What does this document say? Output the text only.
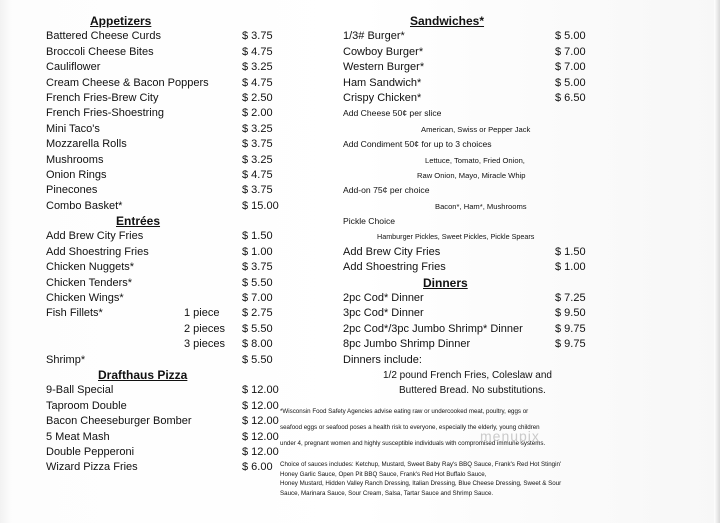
Appetizers
Battered Cheese Curds	$ 3.75
Broccoli Cheese Bites	$ 4.75
Cauliflower	$ 3.25
Cream Cheese & Bacon Poppers	$ 4.75
French Fries-Brew City	$ 2.50
French Fries-Shoestring	$ 2.00
Mini Taco's	$ 3.25
Mozzarella Rolls	$ 3.75
Mushrooms	$ 3.25
Onion Rings	$ 4.75
Pinecones	$ 3.75
Combo Basket*	$ 15.00
Entrées
Add Brew City Fries	$ 1.50
Add Shoestring Fries	$ 1.00
Chicken Nuggets*	$ 3.75
Chicken Tenders*	$ 5.50
Chicken Wings*	$ 7.00
Fish Fillets*	1 piece $ 2.75
2 pieces $ 5.50
3 pieces $ 8.00
Shrimp*	$ 5.50
Drafthaus Pizza
9-Ball Special	$ 12.00
Taproom Double	$ 12.00
Bacon Cheeseburger Bomber	$ 12.00
5 Meat Mash	$ 12.00
Double Pepperoni	$ 12.00
Wizard Pizza Fries	$ 6.00
Sandwiches*
1/3# Burger*	$ 5.00
Cowboy Burger*	$ 7.00
Western Burger*	$ 7.00
Ham Sandwich*	$ 5.00
Crispy Chicken*	$ 6.50
Add Cheese 50¢ per slice
American, Swiss or Pepper Jack
Add Condiment 50¢ for up to 3 choices
Lettuce, Tomato, Fried Onion,
Raw Onion, Mayo, Miracle Whip
Add-on 75¢ per choice
Bacon*, Ham*, Mushrooms
Pickle Choice
Hamburger Pickles, Sweet Pickles, Pickle Spears
Add Brew City Fries	$ 1.50
Add Shoestring Fries	$ 1.00
Dinners
2pc Cod* Dinner	$ 7.25
3pc Cod* Dinner	$ 9.50
2pc Cod*/3pc Jumbo Shrimp* Dinner	$ 9.75
8pc Jumbo Shrimp Dinner	$ 9.75
Dinners include:
1/2 pound French Fries, Coleslaw and
Buttered Bread. No substitutions.
*Wisconsin Food Safety Agencies advise eating raw or undercooked meat, poultry, eggs or
seafood eggs or seafood poses a health risk to everyone, especially the elderly, young children
under 4, pregnant women and highly susceptible individuals with compromised immune systems.
Choice of sauces includes: Ketchup, Mustard, Sweet Baby Ray's BBQ Sauce, Frank's Red Hot Stingin'
Honey Garlic Sauce, Open Pit BBQ Sauce, Frank's Red Hot Buffalo Sauce,
Honey Mustard, Hidden Valley Ranch Dressing, Italian Dressing, Blue Cheese Dressing, Sweet & Sour
Sauce, Marinara Sauce, Sour Cream, Salsa, Tartar Sauce and Shrimp Sauce.
menupix
